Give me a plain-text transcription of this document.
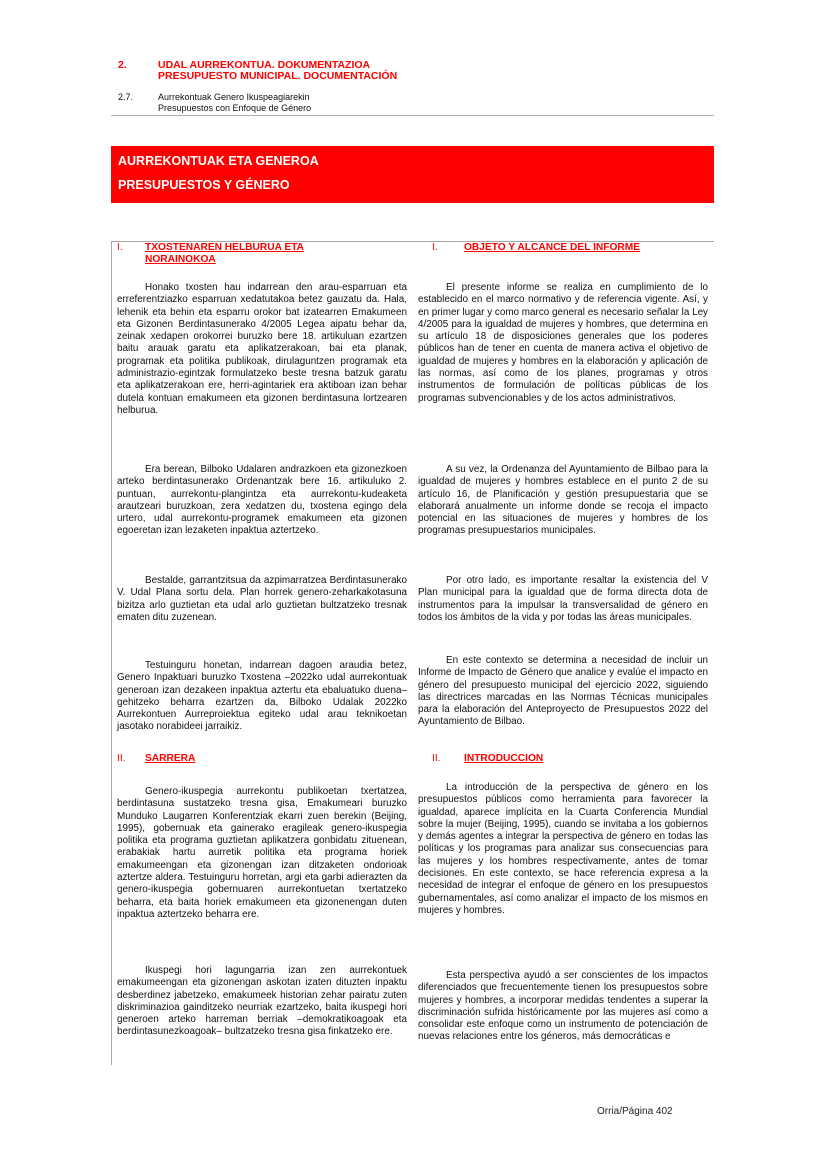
2.	UDAL AURREKONTUA. DOKUMENTAZIOA
PRESUPUESTO MUNICIPAL. DOCUMENTACIÓN
2.7.	Aurrekontuak Genero Ikuspeagiarekin
Presupuestos con Enfoque de Género
AURREKONTUAK ETA GENEROA
PRESUPUESTOS Y GÉNERO
I. TXOSTENAREN HELBURUA ETA
NORAINOKOA

Honako txosten hau indarrean den arau-esparruan eta erreferentziazko esparruan xedatutakoa betez gauzatu da. Hala, lehenik eta behin eta esparru orokor bat izatearren Emakumeen eta Gizonen Berdintasunerako 4/2005 Legea aipatu behar da, zeinak xedapen orokorrei buruzko bere 18. artikuluan ezartzen baitu arauak garatu eta aplikatzerakoan, bai eta planak, programak eta politika publikoak, dirulaguntzen programak eta administrazio-egintzak formulatzeko beste tresna batzuk garatu eta aplikatzerakoan ere, herri-agintariek era aktiboan izan behar dutela kontuan emakumeen eta gizonen berdintasuna lortzearen helburua.

Era berean, Bilboko Udalaren andrazkoen eta gizonezkoen arteko berdintasunerako Ordenantzak bere 16. artikuluko 2. puntuan, aurrekontu-plangintza eta aurrekontu-kudeaketa arautzeari buruzkoan, zera xedatzen du, txostena egingo dela urtero, udal aurrekontu-programek emakumeen eta gizonen egoeretan izan lezaketen inpaktua aztertzeko.

Bestalde, garrantzitsua da azpimarratzea Berdintasunerako V. Udal Plana sortu dela. Plan horrek genero-zeharkakotasuna bizitza arlo guztietan eta udal arlo guztietan bultzatzeko tresnak ematen ditu zuzenean.

Testuinguru honetan, indarrean dagoen araudia betez, Genero Inpaktuari buruzko Txostena –2022ko udal aurrekontuak generoan izan dezakeen inpaktua aztertu eta ebaluatuko duena– gehitzeko beharra ezartzen da, Bilboko Udalak 2022ko Aurrekontuen Aurreproiektua egiteko udal arau teknikoetan jasotako norabideei jarraikiz.

II. SARRERA

Genero-ikuspegia aurrekontu publikoetan txertatzea, berdintasuna sustatzeko tresna gisa, Emakumeari buruzko Munduko Laugarren Konferentziak ekarri zuen berekin (Beijing, 1995), gobernuak eta gainerako eragileak genero-ikuspegia politika eta programa guztietan aplikatzera gonbidatu zituenean, erabakiak hartu aurretik politika eta programa horiek emakumeengan eta gizonengan izan ditzaketen ondorioak aztertze aldera. Testuinguru horretan, argi eta garbi adierazten da genero-ikuspegia gobernuaren aurrekontuetan txertatzeko beharra, eta baita horiek emakumeen eta gizonenengan duten inpaktua aztertzeko beharra ere.

Ikuspegi hori lagungarria izan zen aurrekontuek emakumeengan eta gizonengan askotan izaten dituzten inpaktu desberdinez jabetzeko, emakumeek historian zehar pairatu zuten diskriminazioa gainditzeko neurriak ezartzeko, baita ikuspegi hori generoen arteko harreman berriak –demokratikoagoak eta berdintasunezkoagoak– bultzatzeko tresna gisa finkatzeko ere.

I.	OBJETO Y ALCANCE DEL INFORME

El presente informe se realiza en cumplimiento de lo establecido en el marco normativo y de referencia vigente. Así, y en primer lugar y como marco general es necesario señalar la Ley 4/2005 para la igualdad de mujeres y hombres, que determina en su artículo 18 de disposiciones generales que los poderes públicos han de tener en cuenta de manera activa el objetivo de igualdad de mujeres y hombres en la elaboración y aplicación de las normas, así como de los planes, programas y otros instrumentos de formulación de políticas públicas de los programas subvencionables y de los actos administrativos.

A su vez, la Ordenanza del Ayuntamiento de Bilbao para la igualdad de mujeres y hombres establece en el punto 2 de su artículo 16, de Planificación y gestión presupuestaria que se elaborará anualmente un informe donde se recoja el impacto potencial en las situaciones de mujeres y hombres de los programas presupuestarios municipales.

Por otro lado, es importante resaltar la existencia del V Plan municipal para la igualdad que de forma directa dota de instrumentos para la impulsar la transversalidad de género en todos los ámbitos de la vida y por todas las áreas municipales.

En este contexto se determina a necesidad de incluir un Informe de Impacto de Género que analice y evalúe el impacto en género del presupuesto municipal del ejercicio 2022, siguiendo las directrices marcadas en las Normas Técnicas municipales para la elaboración del Anteproyecto de Presupuestos 2022 del Ayuntamiento de Bilbao.

II. INTRODUCCION

La introducción de la perspectiva de género en los presupuestos públicos como herramienta para favorecer la igualdad, aparece implícita en la Cuarta Conferencia Mundial sobre la mujer (Beijing, 1995), cuando se invitaba a los gobiernos y demás agentes a integrar la perspectiva de género en todas las políticas y los programas para analizar sus consecuencias para las mujeres y los hombres respectivamente, antes de tomar decisiones. En este contexto, se hace referencia expresa a la necesidad de integrar el enfoque de género en los presupuestos gubernamentales, así como analizar el impacto de los mismos en mujeres y hombres.

Esta perspectiva ayudó a ser conscientes de los impactos diferenciados que frecuentemente tienen los presupuestos sobre mujeres y hombres, a incorporar medidas tendentes a superar la discriminación sufrida históricamente por las mujeres así como a consolidar este enfoque como un instrumento de potenciación de nuevas relaciones entre los géneros, más democráticas e

Orria/Página 402
